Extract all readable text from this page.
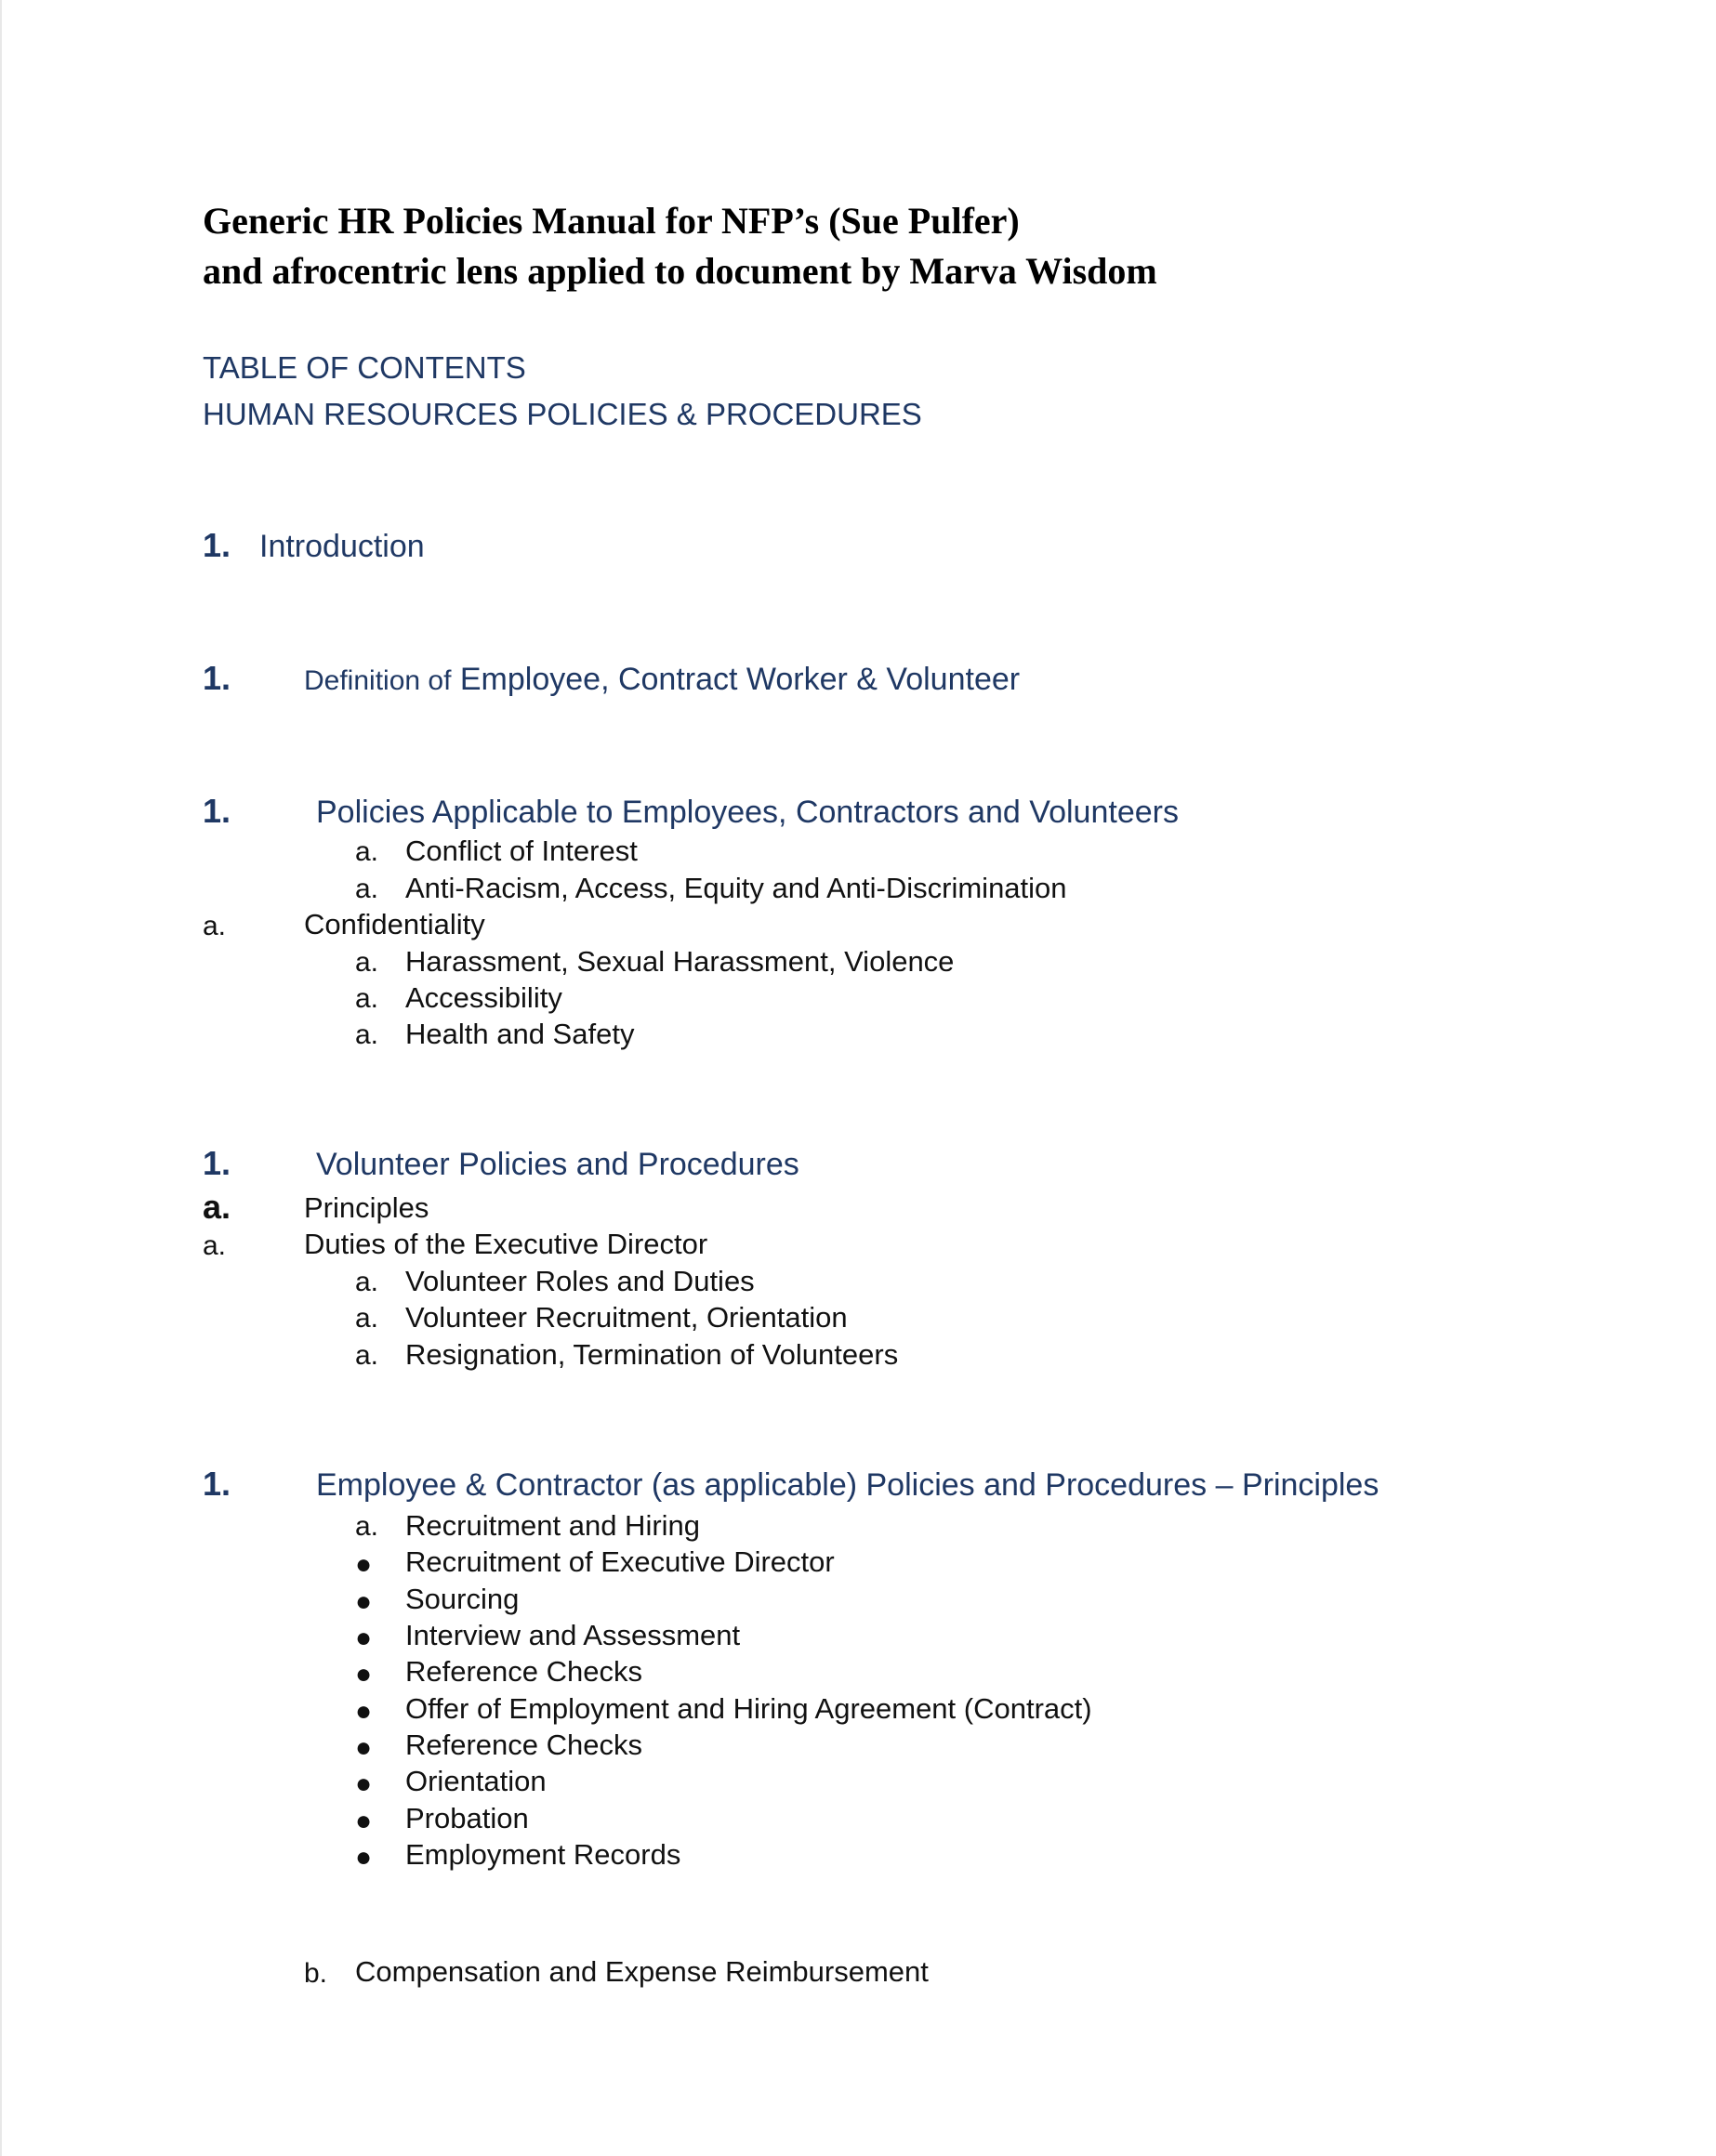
Generic HR Policies Manual for NFP’s (Sue Pulfer)
and afrocentric lens applied to document by Marva Wisdom
TABLE OF CONTENTS
HUMAN RESOURCES POLICIES & PROCEDURES
1. Introduction
1.	Definition of Employee, Contract Worker & Volunteer
1.	Policies Applicable to Employees, Contractors and Volunteers
a. Conflict of Interest
a. Anti-Racism, Access, Equity and Anti-Discrimination
a.	Confidentiality
a. Harassment, Sexual Harassment, Violence
a. Accessibility
a. Health and Safety
1.	Volunteer Policies and Procedures
a.	Principles
a.	Duties of the Executive Director
a. Volunteer Roles and Duties
a. Volunteer Recruitment, Orientation
a. Resignation, Termination of Volunteers
1.	Employee & Contractor (as applicable) Policies and Procedures – Principles
a. Recruitment and Hiring
● Recruitment of Executive Director
● Sourcing
● Interview and Assessment
● Reference Checks
● Offer of Employment and Hiring Agreement (Contract)
● Reference Checks
● Orientation
● Probation
● Employment Records
b. Compensation and Expense Reimbursement
